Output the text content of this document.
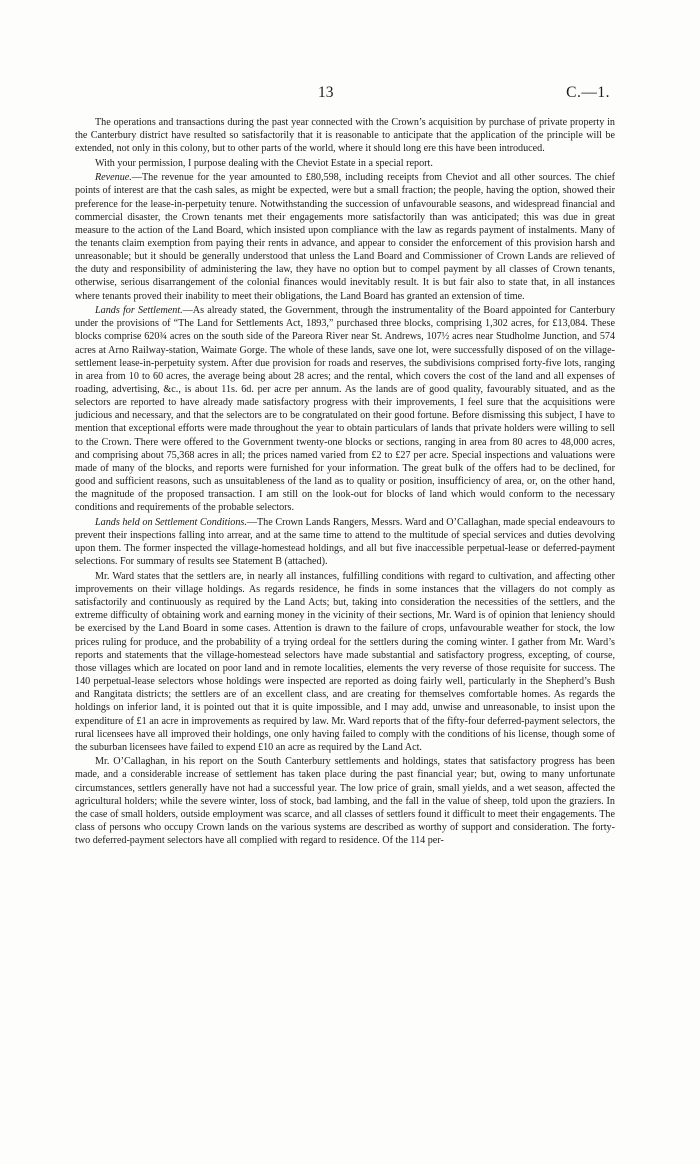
13	C.—1.

The operations and transactions during the past year connected with the Crown’s acquisition by purchase of private property in the Canterbury district have resulted so satisfactorily that it is reasonable to anticipate that the application of the principle will be extended, not only in this colony, but to other parts of the world, where it should long ere this have been introduced.

With your permission, I purpose dealing with the Cheviot Estate in a special report.

Revenue.—The revenue for the year amounted to £80,598, including receipts from Cheviot and all other sources. The chief points of interest are that the cash sales, as might be expected, were but a small fraction; the people, having the option, showed their preference for the lease-in-perpetuity tenure. Notwithstanding the succession of unfavourable seasons, and widespread financial and commercial disaster, the Crown tenants met their engagements more satisfactorily than was anticipated; this was due in great measure to the action of the Land Board, which insisted upon compliance with the law as regards payment of instalments. Many of the tenants claim exemption from paying their rents in advance, and appear to consider the enforcement of this provision harsh and unreasonable; but it should be generally understood that unless the Land Board and Commissioner of Crown Lands are relieved of the duty and responsibility of administering the law, they have no option but to compel payment by all classes of Crown tenants, otherwise, serious disarrangement of the colonial finances would inevitably result. It is but fair also to state that, in all instances where tenants proved their inability to meet their obligations, the Land Board has granted an extension of time.

Lands for Settlement.—As already stated, the Government, through the instrumentality of the Board appointed for Canterbury under the provisions of “The Land for Settlements Act, 1893,” purchased three blocks, comprising 1,302 acres, for £13,084. These blocks comprise 620¾ acres on the south side of the Pareora River near St. Andrews, 107½ acres near Studholme Junction, and 574 acres at Arno Railway-station, Waimate Gorge. The whole of these lands, save one lot, were successfully disposed of on the village-settlement lease-in-perpetuity system. After due provision for roads and reserves, the subdivisions comprised forty-five lots, ranging in area from 10 to 60 acres, the average being about 28 acres; and the rental, which covers the cost of the land and all expenses of roading, advertising, &c., is about 11s. 6d. per acre per annum. As the lands are of good quality, favourably situated, and as the selectors are reported to have already made satisfactory progress with their improvements, I feel sure that the acquisitions were judicious and necessary, and that the selectors are to be congratulated on their good fortune. Before dismissing this subject, I have to mention that exceptional efforts were made throughout the year to obtain particulars of lands that private holders were willing to sell to the Crown. There were offered to the Government twenty-one blocks or sections, ranging in area from 80 acres to 48,000 acres, and comprising about 75,368 acres in all; the prices named varied from £2 to £27 per acre. Special inspections and valuations were made of many of the blocks, and reports were furnished for your information. The great bulk of the offers had to be declined, for good and sufficient reasons, such as unsuitableness of the land as to quality or position, insufficiency of area, or, on the other hand, the magnitude of the proposed transaction. I am still on the look-out for blocks of land which would conform to the necessary conditions and requirements of the probable selectors.

Lands held on Settlement Conditions.—The Crown Lands Rangers, Messrs. Ward and O’Callaghan, made special endeavours to prevent their inspections falling into arrear, and at the same time to attend to the multitude of special services and duties devolving upon them. The former inspected the village-homestead holdings, and all but five inaccessible perpetual-lease or deferred-payment selections. For summary of results see Statement B (attached).

Mr. Ward states that the settlers are, in nearly all instances, fulfilling conditions with regard to cultivation, and affecting other improvements on their village holdings. As regards residence, he finds in some instances that the villagers do not comply as satisfactorily and continuously as required by the Land Acts; but, taking into consideration the necessities of the settlers, and the extreme difficulty of obtaining work and earning money in the vicinity of their sections, Mr. Ward is of opinion that leniency should be exercised by the Land Board in some cases. Attention is drawn to the failure of crops, unfavourable weather for stock, the low prices ruling for produce, and the probability of a trying ordeal for the settlers during the coming winter. I gather from Mr. Ward’s reports and statements that the village-homestead selectors have made substantial and satisfactory progress, excepting, of course, those villages which are located on poor land and in remote localities, elements the very reverse of those requisite for success. The 140 perpetual-lease selectors whose holdings were inspected are reported as doing fairly well, particularly in the Shepherd’s Bush and Rangitata districts; the settlers are of an excellent class, and are creating for themselves comfortable homes. As regards the holdings on inferior land, it is pointed out that it is quite impossible, and I may add, unwise and unreasonable, to insist upon the expenditure of £1 an acre in improvements as required by law. Mr. Ward reports that of the fifty-four deferred-payment selectors, the rural licensees have all improved their holdings, one only having failed to comply with the conditions of his license, though some of the suburban licensees have failed to expend £10 an acre as required by the Land Act.

Mr. O’Callaghan, in his report on the South Canterbury settlements and holdings, states that satisfactory progress has been made, and a considerable increase of settlement has taken place during the past financial year; but, owing to many unfortunate circumstances, settlers generally have not had a successful year. The low price of grain, small yields, and a wet season, affected the agricultural holders; while the severe winter, loss of stock, bad lambing, and the fall in the value of sheep, told upon the graziers. In the case of small holders, outside employment was scarce, and all classes of settlers found it difficult to meet their engagements. The class of persons who occupy Crown lands on the various systems are described as worthy of support and consideration. The forty-two deferred-payment selectors have all complied with regard to residence. Of the 114 per-
